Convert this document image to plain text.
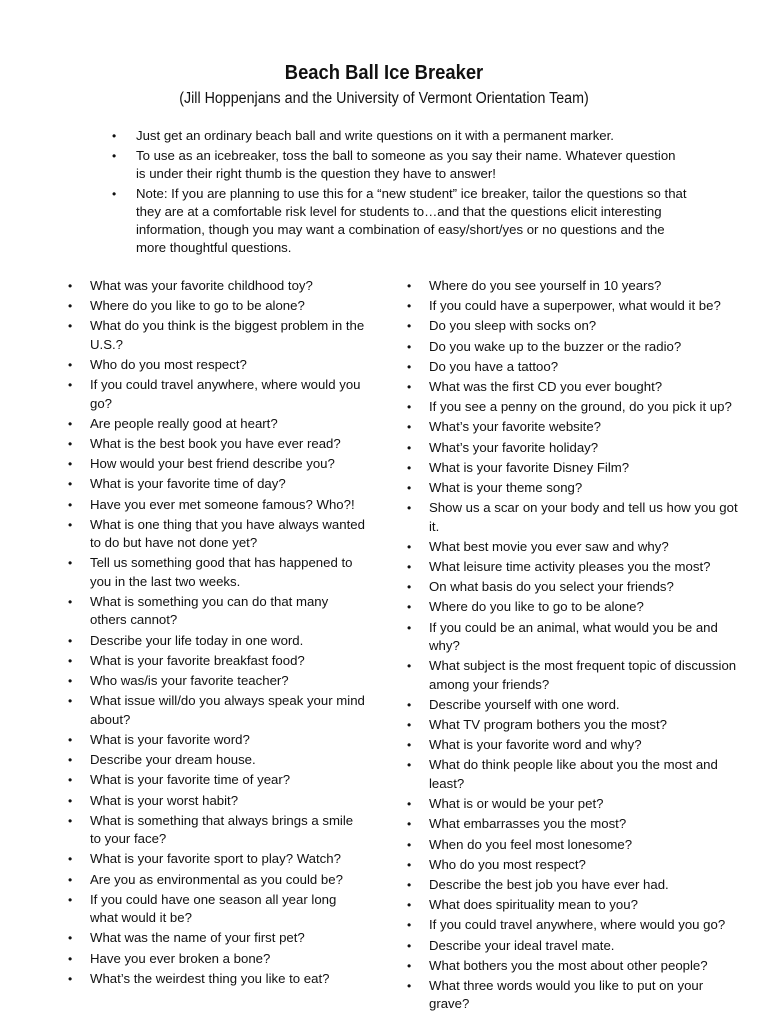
Beach Ball Ice Breaker

(Jill Hoppenjans and the University of Vermont Orientation Team)

• Just get an ordinary beach ball and write questions on it with a permanent marker.
• To use as an icebreaker, toss the ball to someone as you say their name. Whatever question is under their right thumb is the question they have to answer!
• Note: If you are planning to use this for a “new student” ice breaker, tailor the questions so that they are at a comfortable risk level for students to…and that the questions elicit interesting information, though you may want a combination of easy/short/yes or no questions and the more thoughtful questions.
• What was your favorite childhood toy?
• Where do you like to go to be alone?
• What do you think is the biggest problem in the U.S.?
• Who do you most respect?
• If you could travel anywhere, where would you go?
• Are people really good at heart?
• What is the best book you have ever read?
• How would your best friend describe you?
• What is your favorite time of day?
• Have you ever met someone famous? Who?!
• What is one thing that you have always wanted to do but have not done yet?
• Tell us something good that has happened to you in the last two weeks.
• What is something you can do that many others cannot?
• Describe your life today in one word.
• What is your favorite breakfast food?
• Who was/is your favorite teacher?
• What issue will/do you always speak your mind about?
• What is your favorite word?
• Describe your dream house.
• What is your favorite time of year?
• What is your worst habit?
• What is something that always brings a smile to your face?
• What is your favorite sport to play? Watch?
• Are you as environmental as you could be?
• If you could have one season all year long what would it be?
• What was the name of your first pet?
• Have you ever broken a bone?
• What’s the weirdest thing you like to eat?
• Where do you see yourself in 10 years?
• If you could have a superpower, what would it be?
• Do you sleep with socks on?
• Do you wake up to the buzzer or the radio?
• Do you have a tattoo?
• What was the first CD you ever bought?
• If you see a penny on the ground, do you pick it up?
• What’s your favorite website?
• What’s your favorite holiday?
• What is your favorite Disney Film?
• What is your theme song?
• Show us a scar on your body and tell us how you got it.
• What best movie you ever saw and why?
• What leisure time activity pleases you the most?
• On what basis do you select your friends?
• Where do you like to go to be alone?
• If you could be an animal, what would you be and why?
• What subject is the most frequent topic of discussion among your friends?
• Describe yourself with one word.
• What TV program bothers you the most?
• What is your favorite word and why?
• What do think people like about you the most and least?
• What is or would be your pet?
• What embarrasses you the most?
• When do you feel most lonesome?
• Who do you most respect?
• Describe the best job you have ever had.
• What does spirituality mean to you?
• If you could travel anywhere, where would you go?
• Describe your ideal travel mate.
• What bothers you the most about other people?
• What three words would you like to put on your grave?
